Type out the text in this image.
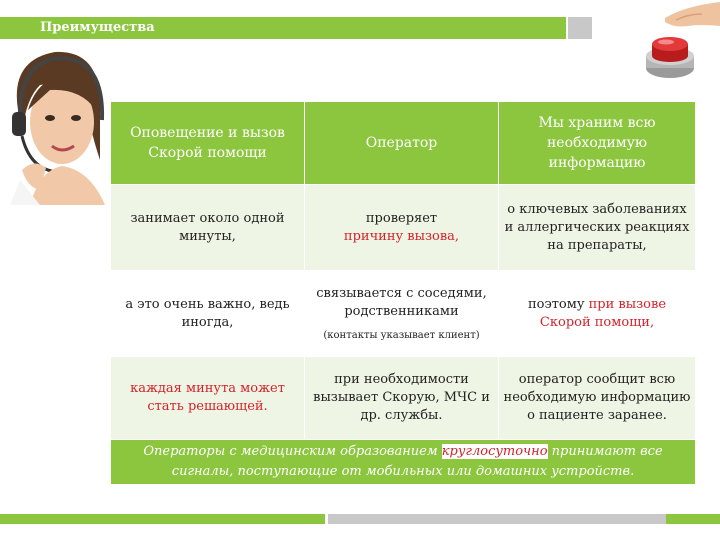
Преимущества
Оповещение и вызов Скорой помощи
Оператор
Мы храним всю необходимую информацию
занимает около одной минуты,
проверяет
причину вызова,
о ключевых заболеваниях и аллергических реакциях на препараты,
а это очень важно, ведь иногда,
связывается с соседями, родственниками
(контакты указывает клиент)
поэтому при вызове Скорой помощи,
каждая минута может стать решающей.
при необходимости вызывает Скорую, МЧС и др. службы.
оператор сообщит всю необходимую информацию о пациенте заранее.
Операторы с медицинским образованием круглосуточно принимают все сигналы, поступающие от мобильных или домашних устройств.
